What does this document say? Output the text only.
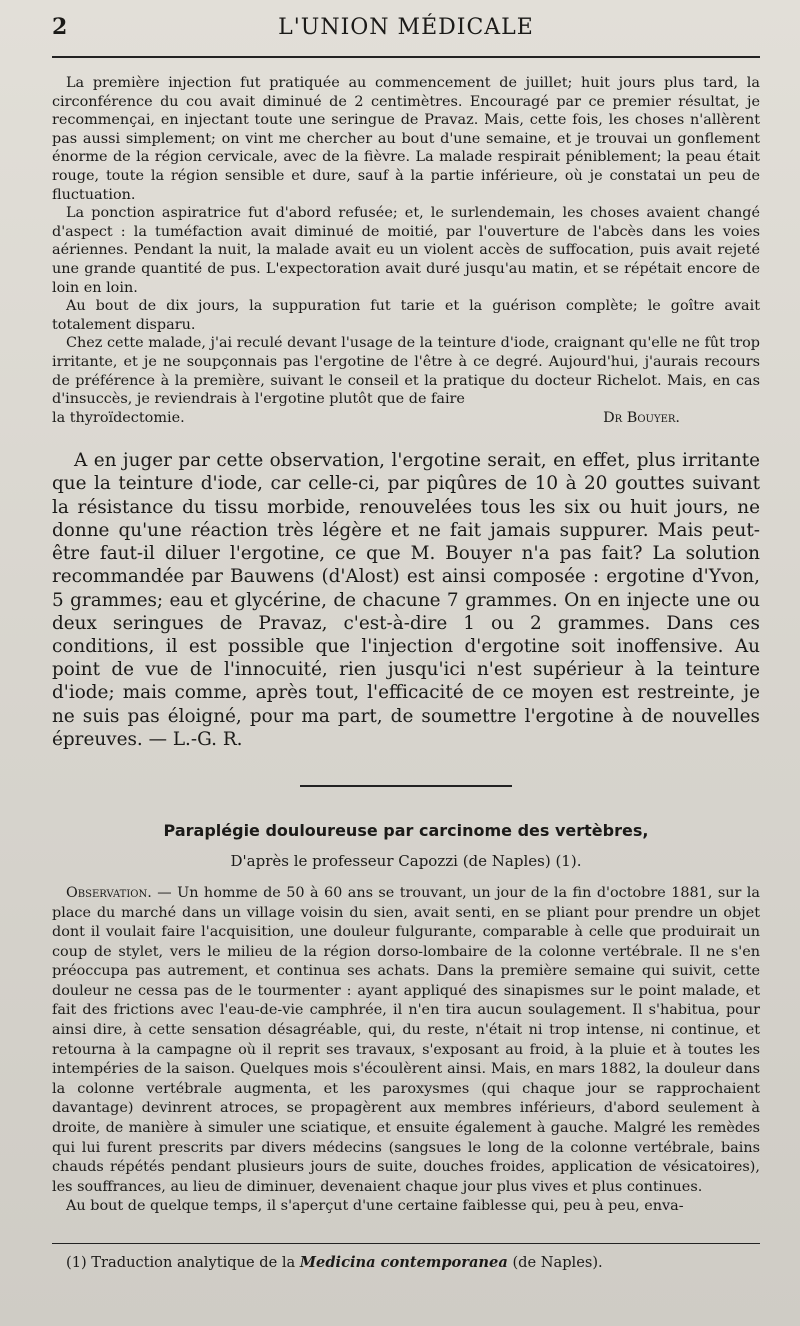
2	L'UNION MÉDICALE

La première injection fut pratiquée au commencement de juillet; huit jours plus tard, la circonférence du cou avait diminué de 2 centimètres. Encouragé par ce premier résultat, je recommençai, en injectant toute une seringue de Pravaz. Mais, cette fois, les choses n'allèrent pas aussi simplement; on vint me chercher au bout d'une semaine, et je trouvai un gonflement énorme de la région cervicale, avec de la fièvre. La malade respirait péniblement; la peau était rouge, toute la région sensible et dure, sauf à la partie inférieure, où je constatai un peu de fluctuation.

La ponction aspiratrice fut d'abord refusée; et, le surlendemain, les choses avaient changé d'aspect : la tuméfaction avait diminué de moitié, par l'ouverture de l'abcès dans les voies aériennes. Pendant la nuit, la malade avait eu un violent accès de suffocation, puis avait rejeté une grande quantité de pus. L'expectoration avait duré jusqu'au matin, et se répétait encore de loin en loin.

Au bout de dix jours, la suppuration fut tarie et la guérison complète; le goître avait totalement disparu.

Chez cette malade, j'ai reculé devant l'usage de la teinture d'iode, craignant qu'elle ne fût trop irritante, et je ne soupçonnais pas l'ergotine de l'être à ce degré. Aujourd'hui, j'aurais recours de préférence à la première, suivant le conseil et la pratique du docteur Richelot. Mais, en cas d'insuccès, je reviendrais à l'ergotine plutôt que de faire

la thyroïdectomie.	Dr Bouyer.

A en juger par cette observation, l'ergotine serait, en effet, plus irritante que la teinture d'iode, car celle-ci, par piqûres de 10 à 20 gouttes suivant la résistance du tissu morbide, renouvelées tous les six ou huit jours, ne donne qu'une réaction très légère et ne fait jamais suppurer. Mais peut-être faut-il diluer l'ergotine, ce que M. Bouyer n'a pas fait? La solution recommandée par Bauwens (d'Alost) est ainsi composée : ergotine d'Yvon, 5 grammes; eau et glycérine, de chacune 7 grammes. On en injecte une ou deux seringues de Pravaz, c'est-à-dire 1 ou 2 grammes. Dans ces conditions, il est possible que l'injection d'ergotine soit inoffensive. Au point de vue de l'innocuité, rien jusqu'ici n'est supérieur à la teinture d'iode; mais comme, après tout, l'efficacité de ce moyen est restreinte, je ne suis pas éloigné, pour ma part, de soumettre l'ergotine à de nouvelles épreuves. — L.-G. R.

Paraplégie douloureuse par carcinome des vertèbres,
D'après le professeur Capozzi (de Naples) (1).

Observation. — Un homme de 50 à 60 ans se trouvant, un jour de la fin d'octobre 1881, sur la place du marché dans un village voisin du sien, avait senti, en se pliant pour prendre un objet dont il voulait faire l'acquisition, une douleur fulgurante, comparable à celle que produirait un coup de stylet, vers le milieu de la région dorso-lombaire de la colonne vertébrale. Il ne s'en préoccupa pas autrement, et continua ses achats. Dans la première semaine qui suivit, cette douleur ne cessa pas de le tourmenter : ayant appliqué des sinapismes sur le point malade, et fait des frictions avec l'eau-de-vie camphrée, il n'en tira aucun soulagement. Il s'habitua, pour ainsi dire, à cette sensation désagréable, qui, du reste, n'était ni trop intense, ni continue, et retourna à la campagne où il reprit ses travaux, s'exposant au froid, à la pluie et à toutes les intempéries de la saison. Quelques mois s'écoulèrent ainsi. Mais, en mars 1882, la douleur dans la colonne vertébrale augmenta, et les paroxysmes (qui chaque jour se rapprochaient davantage) devinrent atroces, se propagèrent aux membres inférieurs, d'abord seulement à droite, de manière à simuler une sciatique, et ensuite également à gauche. Malgré les remèdes qui lui furent prescrits par divers médecins (sangsues le long de la colonne vertébrale, bains chauds répétés pendant plusieurs jours de suite, douches froides, application de vésicatoires), les souffrances, au lieu de diminuer, devenaient chaque jour plus vives et plus continues.

Au bout de quelque temps, il s'aperçut d'une certaine faiblesse qui, peu à peu, enva-

(1) Traduction analytique de la Medicina contemporanea (de Naples).
